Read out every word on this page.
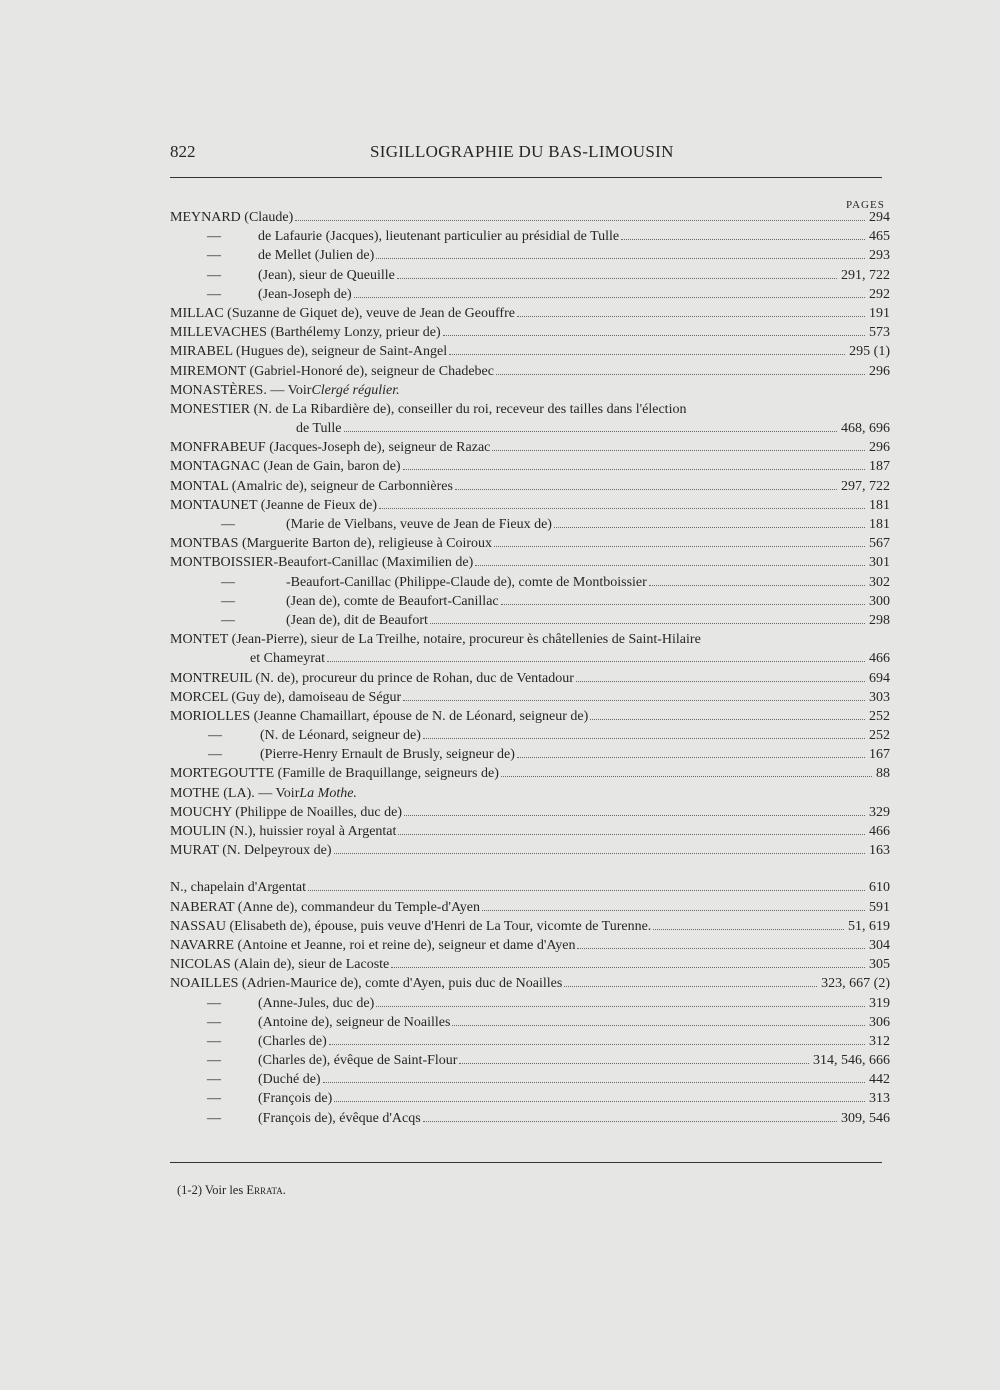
822	SIGILLOGRAPHIE DU BAS-LIMOUSIN
PAGES
MEYNARD (Claude)	294
—	de Lafaurie (Jacques), lieutenant particulier au présidial de Tulle	465
—	de Mellet (Julien de)	293
—	(Jean), sieur de Queuille	291, 722
—	(Jean-Joseph de)	292
MILLAC (Suzanne de Giquet de), veuve de Jean de Geouffre	191
MILLEVACHES (Barthélemy Lonzy, prieur de)	573
MIRABEL (Hugues de), seigneur de Saint-Angel	295 (1)
MIREMONT (Gabriel-Honoré de), seigneur de Chadebec	296
MONASTÈRES. — Voir Clergé régulier.
MONESTIER (N. de La Ribardière de), conseiller du roi, receveur des tailles dans l'élection
de Tulle	468, 696
MONFRABEUF (Jacques-Joseph de), seigneur de Razac	296
MONTAGNAC (Jean de Gain, baron de)	187
MONTAL (Amalric de), seigneur de Carbonnières	297, 722
MONTAUNET (Jeanne de Fieux de)	181
—	(Marie de Vielbans, veuve de Jean de Fieux de)	181
MONTBAS (Marguerite Barton de), religieuse à Coiroux	567
MONTBOISSIER-Beaufort-Canillac (Maximilien de)	301
—	-Beaufort-Canillac (Philippe-Claude de), comte de Montboissier	302
—	(Jean de), comte de Beaufort-Canillac	300
—	(Jean de), dit de Beaufort	298
MONTET (Jean-Pierre), sieur de La Treilhe, notaire, procureur ès châtellenies de Saint-Hilaire
et Chameyrat	466
MONTREUIL (N. de), procureur du prince de Rohan, duc de Ventadour	694
MORCEL (Guy de), damoiseau de Ségur	303
MORIOLLES (Jeanne Chamaillart, épouse de N. de Léonard, seigneur de)	252
—	(N. de Léonard, seigneur de)	252
—	(Pierre-Henry Ernault de Brusly, seigneur de)	167
MORTEGOUTTE (Famille de Braquillange, seigneurs de)	88
MOTHE (LA). — Voir La Mothe.
MOUCHY (Philippe de Noailles, duc de)	329
MOULIN (N.), huissier royal à Argentat	466
MURAT (N. Delpeyroux de)	163
N., chapelain d'Argentat	610
NABERAT (Anne de), commandeur du Temple-d'Ayen	591
NASSAU (Elisabeth de), épouse, puis veuve d'Henri de La Tour, vicomte de Turenne.	51, 619
NAVARRE (Antoine et Jeanne, roi et reine de), seigneur et dame d'Ayen	304
NICOLAS (Alain de), sieur de Lacoste	305
NOAILLES (Adrien-Maurice de), comte d'Ayen, puis duc de Noailles	323, 667 (2)
—	(Anne-Jules, duc de)	319
—	(Antoine de), seigneur de Noailles	306
—	(Charles de)	312
—	(Charles de), évêque de Saint-Flour	314, 546, 666
—	(Duché de)	442
—	(François de)	313
—	(François de), évêque d'Acqs	309, 546
(1-2) Voir les Errata.
